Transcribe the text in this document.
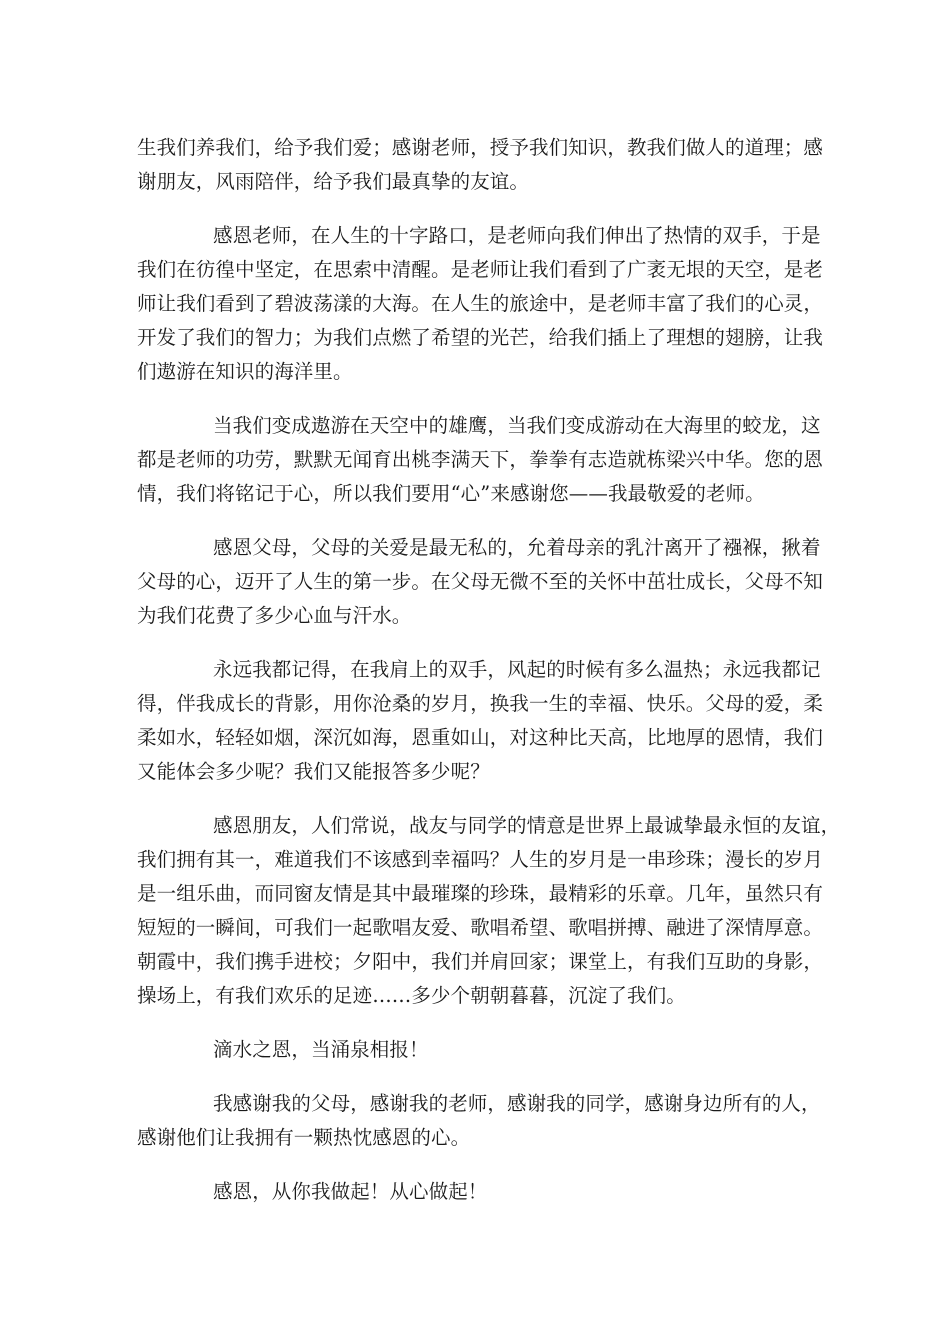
生我们养我们，给予我们爱；感谢老师，授予我们知识，教我们做人的道理；感
谢朋友，风雨陪伴，给予我们最真挚的友谊。
感恩老师，在人生的十字路口，是老师向我们伸出了热情的双手，于是
我们在彷徨中坚定，在思索中清醒。是老师让我们看到了广袤无垠的天空，是老
师让我们看到了碧波荡漾的大海。在人生的旅途中，是老师丰富了我们的心灵，
开发了我们的智力；为我们点燃了希望的光芒，给我们插上了理想的翅膀，让我
们遨游在知识的海洋里。
当我们变成遨游在天空中的雄鹰，当我们变成游动在大海里的蛟龙，这
都是老师的功劳，默默无闻育出桃李满天下，拳拳有志造就栋梁兴中华。您的恩
情，我们将铭记于心，所以我们要用“心”来感谢您——我最敬爱的老师。
感恩父母，父母的关爱是最无私的，允着母亲的乳汁离开了襁褓，揪着
父母的心，迈开了人生的第一步。在父母无微不至的关怀中茁壮成长，父母不知
为我们花费了多少心血与汗水。
永远我都记得，在我肩上的双手，风起的时候有多么温热；永远我都记
得，伴我成长的背影，用你沧桑的岁月，换我一生的幸福、快乐。父母的爱，柔
柔如水，轻轻如烟，深沉如海，恩重如山，对这种比天高，比地厚的恩情，我们
又能体会多少呢？我们又能报答多少呢？
感恩朋友，人们常说，战友与同学的情意是世界上最诚挚最永恒的友谊，
我们拥有其一，难道我们不该感到幸福吗？人生的岁月是一串珍珠；漫长的岁月
是一组乐曲，而同窗友情是其中最璀璨的珍珠，最精彩的乐章。几年，虽然只有
短短的一瞬间，可我们一起歌唱友爱、歌唱希望、歌唱拼搏、融进了深情厚意。
朝霞中，我们携手进校；夕阳中，我们并肩回家；课堂上，有我们互助的身影，
操场上，有我们欢乐的足迹……多少个朝朝暮暮，沉淀了我们。
滴水之恩，当涌泉相报！
我感谢我的父母，感谢我的老师，感谢我的同学，感谢身边所有的人，
感谢他们让我拥有一颗热忱感恩的心。
感恩，从你我做起！从心做起！
